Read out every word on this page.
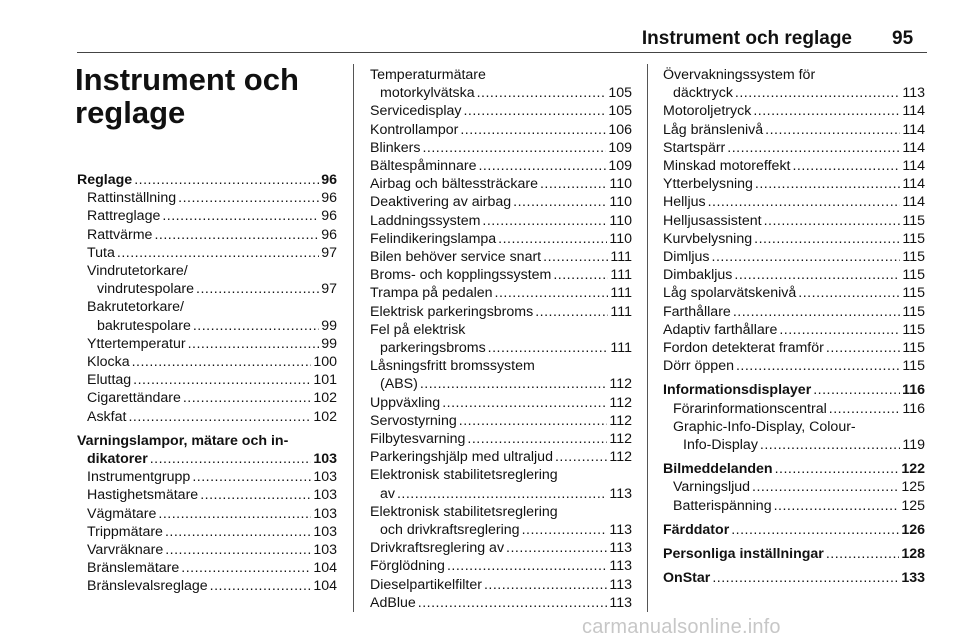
Instrument och reglage 95
Instrument och reglage
Reglage .....	96
Rattinställning .....	96
Rattreglage .....	96
Rattvärme .....	96
Tuta .....	97
Vindrutetorkare/
vindrutespolare .....	97
Bakrutetorkare/
bakrutespolare .....	99
Yttertemperatur .....	99
Klocka .....	100
Eluttag .....	101
Cigarettändare .....	102
Askfat .....	102
Varningslampor, mätare och in-
dikatorer .....	103
Instrumentgrupp .....	103
Hastighetsmätare .....	103
Vägmätare .....	103
Trippmätare .....	103
Varvräknare .....	103
Bränslemätare .....	104
Bränslevalsreglage .....	104
Temperaturmätare
motorkylvätska .....	105
Servicedisplay .....	105
Kontrollampor .....	106
Blinkers .....	109
Bältespåminnare .....	109
Airbag och bältessträckare .....	110
Deaktivering av airbag .....	110
Laddningssystem .....	110
Felindikeringslampa .....	110
Bilen behöver service snart .....	111
Broms- och kopplingssystem .....	111
Trampa på pedalen .....	111
Elektrisk parkeringsbroms .....	111
Fel på elektrisk
parkeringsbroms .....	111
Låsningsfritt bromssystem
(ABS) .....	112
Uppväxling .....	112
Servostyrning .....	112
Filbytesvarning .....	112
Parkeringshjälp med ultraljud .....	112
Elektronisk stabilitetsreglering
av .....	113
Elektronisk stabilitetsreglering
och drivkraftsreglering .....	113
Drivkraftsreglering av .....	113
Förglödning .....	113
Dieselpartikelfilter .....	113
AdBlue .....	113
Övervakningssystem för
däcktryck .....	113
Motoroljetryck .....	114
Låg bränslenivå .....	114
Startspärr .....	114
Minskad motoreffekt .....	114
Ytterbelysning .....	114
Helljus .....	114
Helljusassistent .....	115
Kurvbelysning .....	115
Dimljus .....	115
Dimbakljus .....	115
Låg spolarvätskenivå .....	115
Farthållare .....	115
Adaptiv farthållare .....	115
Fordon detekterat framför .....	115
Dörr öppen .....	115
Informationsdisplayer .....	116
Förarinformationscentral .....	116
Graphic-Info-Display, Colour-
Info-Display .....	119
Bilmeddelanden .....	122
Varningsljud .....	125
Batterispänning .....	125
Färddator .....	126
Personliga inställningar .....	128
OnStar .....	133
carmanualsonline.info
